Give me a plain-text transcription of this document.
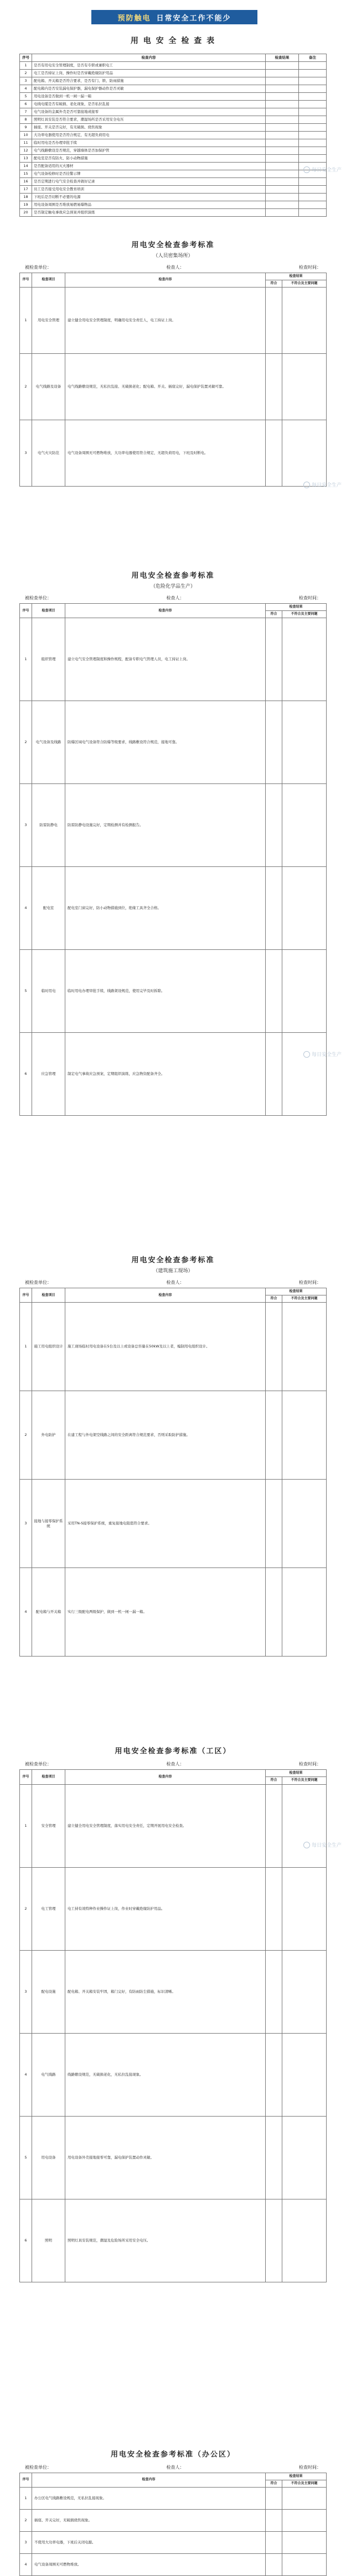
预防触电 日常安全工作不能少
用 电 安 全 检 查 表
序号	检查内容	检查结果	备注
1	是否有用电安全管理制度，是否有专职或兼职电工		
2	电工是否持证上岗，操作时是否穿戴绝缘防护用品		
3	配电箱、开关箱是否符合要求，是否有门、锁、防雨措施		
4	配电箱内是否安装漏电保护器，漏电保护器动作是否灵敏		
5	用电设备是否做到一机一闸一漏一箱		
6	电线电缆是否有破损、老化现象，是否私拉乱接		
7	电气设备的金属外壳是否可靠接地或接零		
8	照明灯具安装是否符合要求，潮湿场所是否采用安全电压		
9	插座、开关是否完好，有无破损、烧焦现象		
10	大功率电器使用是否符合规定，有无超负荷用电		
11	临时用电是否办理审批手续		
12	电气线路敷设是否规范，穿越墙体是否加保护管		
13	配电室是否有防火、防小动物措施		
14	是否配备适用的灭火器材		
15	电气设备检修时是否挂警示牌		
16	是否定期进行电气安全检查并做好记录		
17	员工是否接受用电安全教育培训		
18	下班后是否切断不必要的电源		
19	用电设备周围是否堆放易燃易爆物品		
20	是否制定触电事故应急预案并组织演练		
每日安全生产
用电安全检查参考标准
（人员密集场所）
被检查单位：	检查人：	检查时间：
序号	检查项目	检查内容	检查结果	
			符合	不符合及主要问题
1	用电安全管理	建立健全用电安全管理制度，明确用电安全责任人，电工持证上岗。		
2	电气线路及设备	电气线路敷设规范，无私拉乱接、无破损老化；配电箱、开关、插座完好，漏电保护装置灵敏可靠。		
3	电气火灾防范	电气设备周围无可燃物堆放，大功率电器使用符合规定，无超负荷用电，下班及时断电。		
每日安全生产
用电安全检查参考标准
（危险化学品生产）
被检查单位：	检查人：	检查时间：
序号	检查项目	检查内容	检查结果	
			符合	不符合及主要问题
1	组织管理	建立电气安全管理制度和操作规程，配备专职电气管理人员，电工持证上岗。		
2	电气设备及线路	防爆区域电气设备符合防爆等级要求，线路敷设符合规范，接地可靠。		
3	防雷防静电	防雷防静电设施完好，定期检测并有检测报告。		
4	配电室	配电室门窗完好，防小动物措施到位，绝缘工具齐全合格。		
5	临时用电	临时用电办理审批手续，线路架设规范，使用完毕及时拆除。		
6	应急管理	制定电气事故应急预案，定期组织演练，应急物资配备齐全。		
每日安全生产
用电安全检查参考标准
（建筑施工现场）
被检查单位：	检查人：	检查时间：
序号	检查项目	检查内容	检查结果	
			符合	不符合及主要问题
1	施工用电组织设计	施工现场临时用电设备在5台及以上或设备总容量在50kW及以上者，编制用电组织设计。		
2	外电防护	在建工程与外电架空线路之间的安全距离符合规范要求，否则采取防护措施。		
3	接地与接零保护系统	采用TN-S接零保护系统，重复接地电阻值符合要求。		
4	配电箱与开关箱	实行三级配电两级保护，做到一机一闸一漏一箱。		
用电安全检查参考标准（工区）
被检查单位：	检查人：	检查时间：
序号	检查项目	检查内容	检查结果	
			符合	不符合及主要问题
1	安全管理	建立健全用电安全管理制度，落实用电安全责任，定期开展用电安全检查。		
2	电工管理	电工持有效特种作业操作证上岗，作业时穿戴绝缘防护用品。		
3	配电设施	配电箱、开关箱安装牢固，箱门完好，有防雨防尘措施，标识清晰。		
4	电气线路	线路敷设规范，无破损老化，无私拉乱接现象。		
5	用电设备	用电设备外壳接地接零可靠，漏电保护装置动作灵敏。		
6	照明	照明灯具安装规范，潮湿及危险场所采用安全电压。		
每日安全生产
用电安全检查参考标准（办公区）
被检查单位：	检查人：	检查时间：
序号	检查内容	检查结果	
		符合	不符合及主要问题
1	办公区电气线路敷设规范，无私拉乱接现象。		
2	插座、开关完好，无破损烧焦现象。		
3	不使用大功率电器，下班后关闭电源。		
4	电气设备周围无可燃物堆放。		
